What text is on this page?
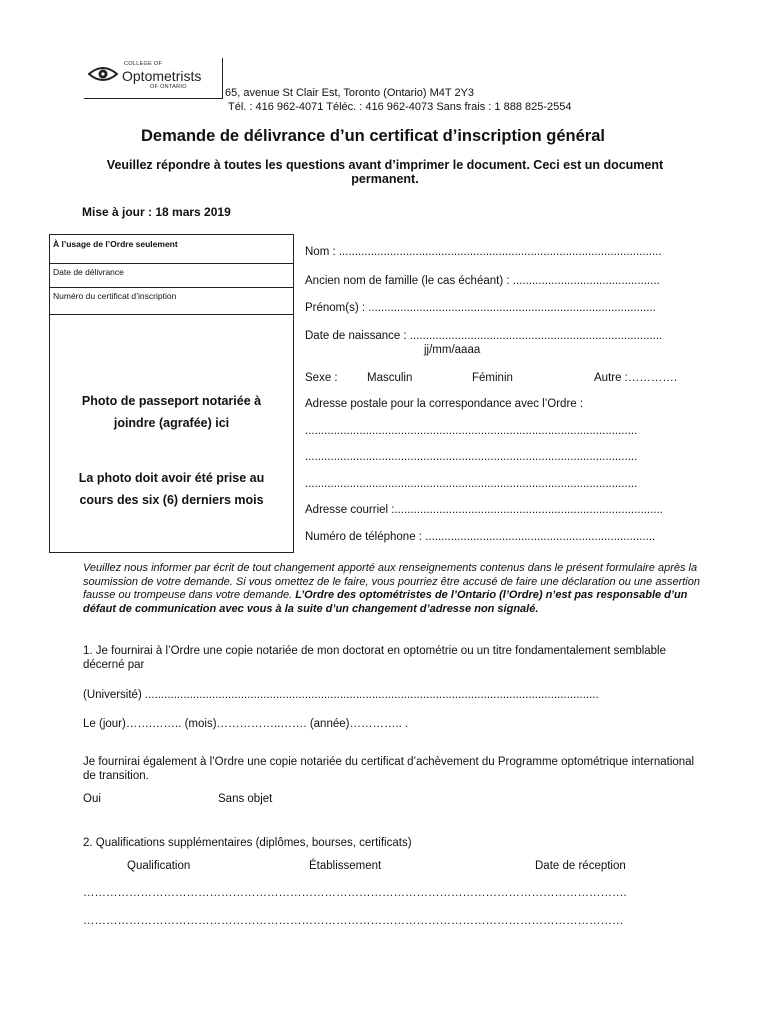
COLLEGE OF
Optometrists
OF ONTARIO	65, avenue St Clair Est, Toronto (Ontario) M4T 2Y3
Tél. : 416 962-4071 Téléc. : 416 962-4073 Sans frais : 1 888 825-2554
Demande de délivrance d’un certificat d’inscription général
Veuillez répondre à toutes les questions avant d’imprimer le document. Ceci est un document permanent.
Mise à jour : 18 mars 2019
À l’usage de l’Ordre seulement
Date de délivrance
Numéro du certificat d’inscription
Photo de passeport notariée à joindre (agrafée) ici
La photo doit avoir été prise au cours des six (6) derniers mois
Nom : .....................................................................................................
Ancien nom de famille (le cas échéant) : ..............................................
Prénom(s) : ..........................................................................................
Date de naissance : ...............................................................................
jj/mm/aaaa
Sexe :	Masculin	Féminin	Autre :………….
Adresse postale pour la correspondance avec l’Ordre :
........................................................................................................
........................................................................................................
........................................................................................................
Adresse courriel :....................................................................................
Numéro de téléphone : ........................................................................
Veuillez nous informer par écrit de tout changement apporté aux renseignements contenus dans le présent formulaire après la soumission de votre demande. Si vous omettez de le faire, vous pourriez être accusé de faire une déclaration ou une assertion fausse ou trompeuse dans votre demande. L’Ordre des optométristes de l’Ontario (l’Ordre) n’est pas responsable d’un défaut de communication avec vous à la suite d’un changement d’adresse non signalé.
1. Je fournirai à l’Ordre une copie notariée de mon doctorat en optométrie ou un titre fondamentalement semblable décerné par
(Université) ..............................................................................................................................................
Le (jour)…….…….. (mois)……………..……. (année)………….. .
Je fournirai également à l’Ordre une copie notariée du certificat d’achèvement du Programme optométrique international de transition.
Oui	Sans objet
2. Qualifications supplémentaires (diplômes, bourses, certificats)
Qualification	Établissement	Date de réception
…………………………………………………………………………………………………………………………….
……………………………………………………………………………………………………………………………
